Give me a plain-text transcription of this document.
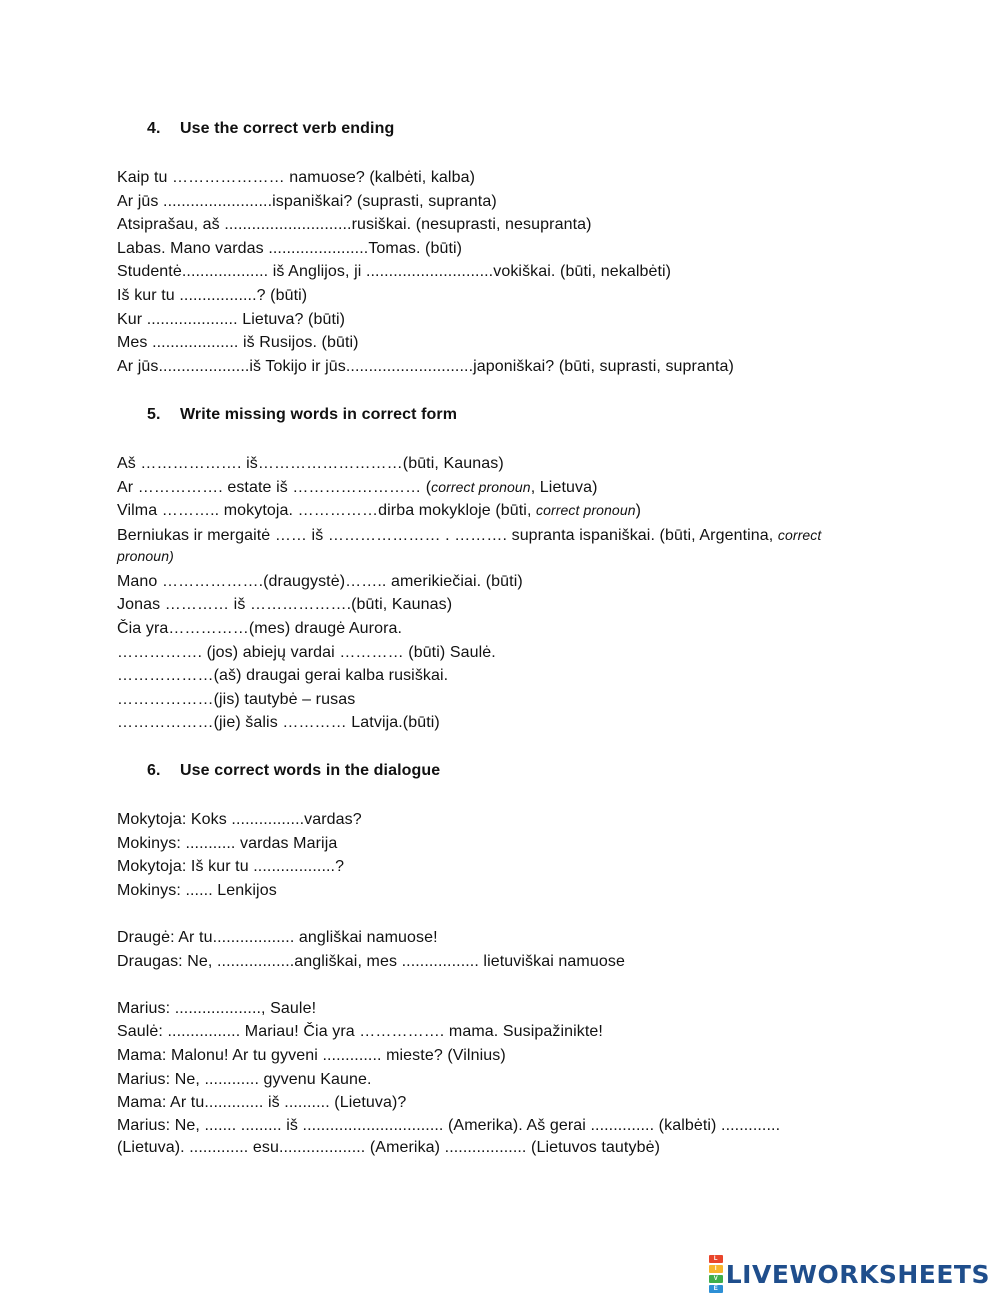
4. Use the correct verb ending
Kaip tu ………………… namuose? (kalbėti, kalba)
Ar jūs ........................ispaniškai? (suprasti, supranta)
Atsiprašau, aš ............................rusiškai. (nesuprasti, nesupranta)
Labas. Mano vardas ......................Tomas. (būti)
Studentė................... iš Anglijos, ji ............................vokiškai. (būti, nekalbėti)
Iš kur tu .................? (būti)
Kur .................... Lietuva? (būti)
Mes ................... iš Rusijos. (būti)
Ar jūs....................iš Tokijo ir jūs............................japoniškai? (būti, suprasti, supranta)
5. Write missing words in correct form
Aš ………………. iš………………………(būti, Kaunas)
Ar ……………. estate iš …………………… (correct pronoun, Lietuva)
Vilma ……….. mokytoja. ……………dirba mokykloje (būti, correct pronoun)
Berniukas ir mergaitė …… iš ………………… . ………. supranta ispaniškai. (būti, Argentina, correct pronoun)
Mano ……………….(draugystė)…….. amerikiečiai. (būti)
Jonas ………… iš ……………….(būti, Kaunas)
Čia yra……………(mes) draugė Aurora.
……………. (jos) abiejų vardai ………… (būti) Saulė.
………………(aš) draugai gerai kalba rusiškai.
………………(jis) tautybė – rusas
………………(jie) šalis ………… Latvija.(būti)
6. Use correct words in the dialogue
Mokytoja: Koks ................vardas?
Mokinys: ........... vardas Marija
Mokytoja: Iš kur tu ..................?
Mokinys: ...... Lenkijos
Draugė: Ar tu.................. angliškai namuose!
Draugas: Ne, .................angliškai, mes ................. lietuviškai namuose
Marius: ..................., Saule!
Saulė: ................ Mariau! Čia yra ……………. mama. Susipažinikte!
Mama: Malonu! Ar tu gyveni ............. mieste? (Vilnius)
Marius: Ne, ............ gyvenu Kaune.
Mama: Ar tu............. iš .......... (Lietuva)?
Marius: Ne, ....... ......... iš ............................... (Amerika). Aš gerai .............. (kalbėti) ............. (Lietuva). ............. esu................... (Amerika) .................. (Lietuvos tautybė)
L
I
V
E
LIVEWORKSHEETS
